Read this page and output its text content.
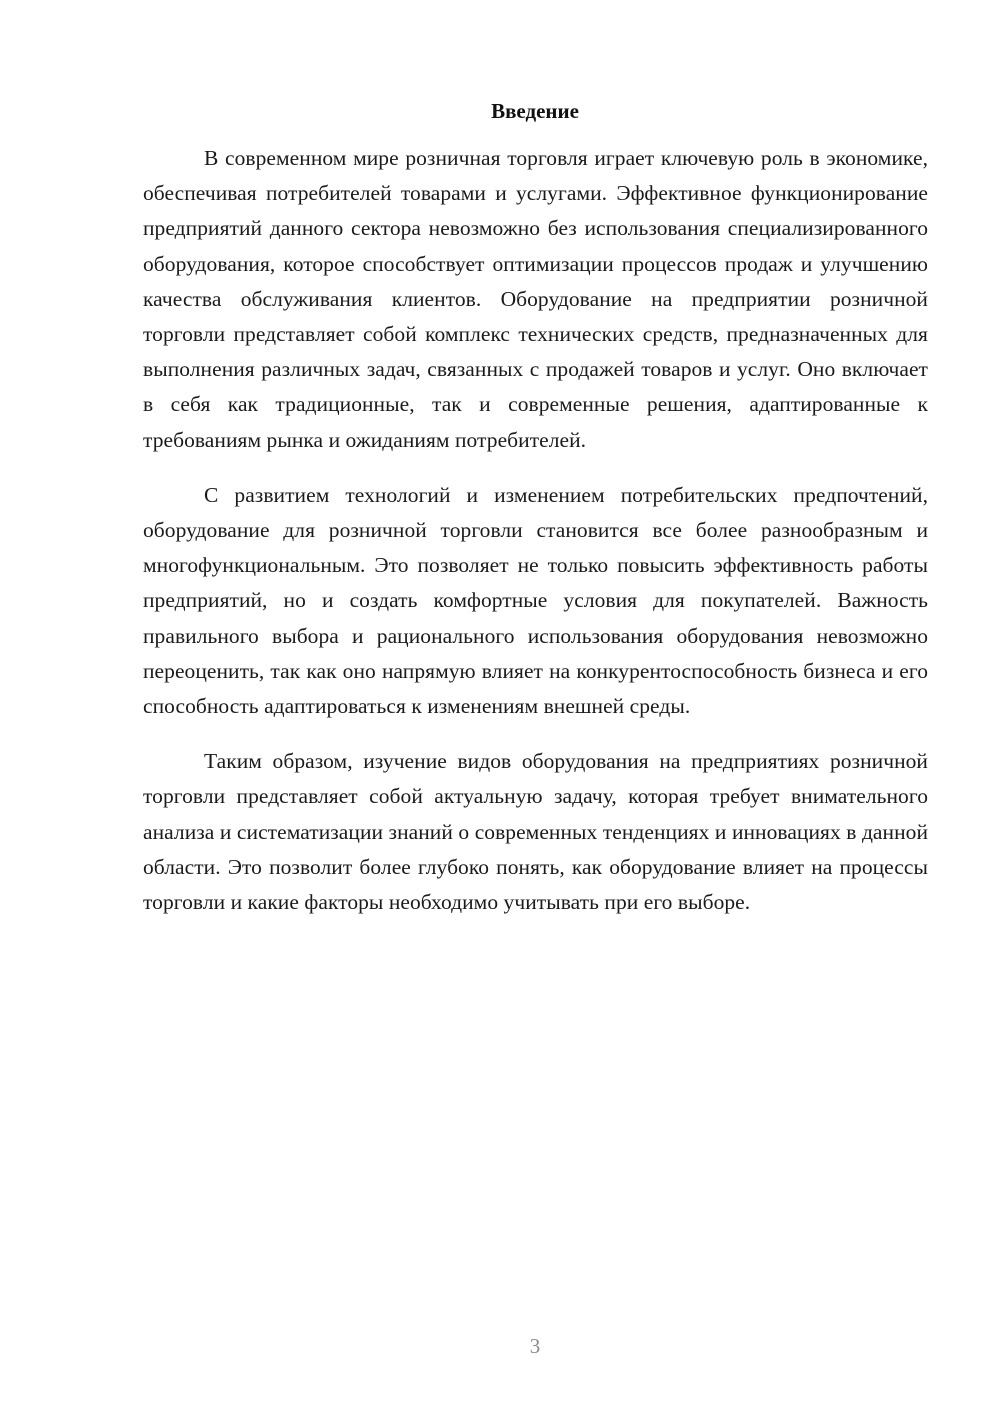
Введение

В современном мире розничная торговля играет ключевую роль в экономике, обеспечивая потребителей товарами и услугами. Эффективное функционирование предприятий данного сектора невозможно без использования специализированного оборудования, которое способствует оптимизации процессов продаж и улучшению качества обслуживания клиентов. Оборудование на предприятии розничной торговли представляет собой комплекс технических средств, предназначенных для выполнения различных задач, связанных с продажей товаров и услуг. Оно включает в себя как традиционные, так и современные решения, адаптированные к требованиям рынка и ожиданиям потребителей.

С развитием технологий и изменением потребительских предпочтений, оборудование для розничной торговли становится все более разнообразным и многофункциональным. Это позволяет не только повысить эффективность работы предприятий, но и создать комфортные условия для покупателей. Важность правильного выбора и рационального использования оборудования невозможно переоценить, так как оно напрямую влияет на конкурентоспособность бизнеса и его способность адаптироваться к изменениям внешней среды.

Таким образом, изучение видов оборудования на предприятиях розничной торговли представляет собой актуальную задачу, которая требует внимательного анализа и систематизации знаний о современных тенденциях и инновациях в данной области. Это позволит более глубоко понять, как оборудование влияет на процессы торговли и какие факторы необходимо учитывать при его выборе.

3
